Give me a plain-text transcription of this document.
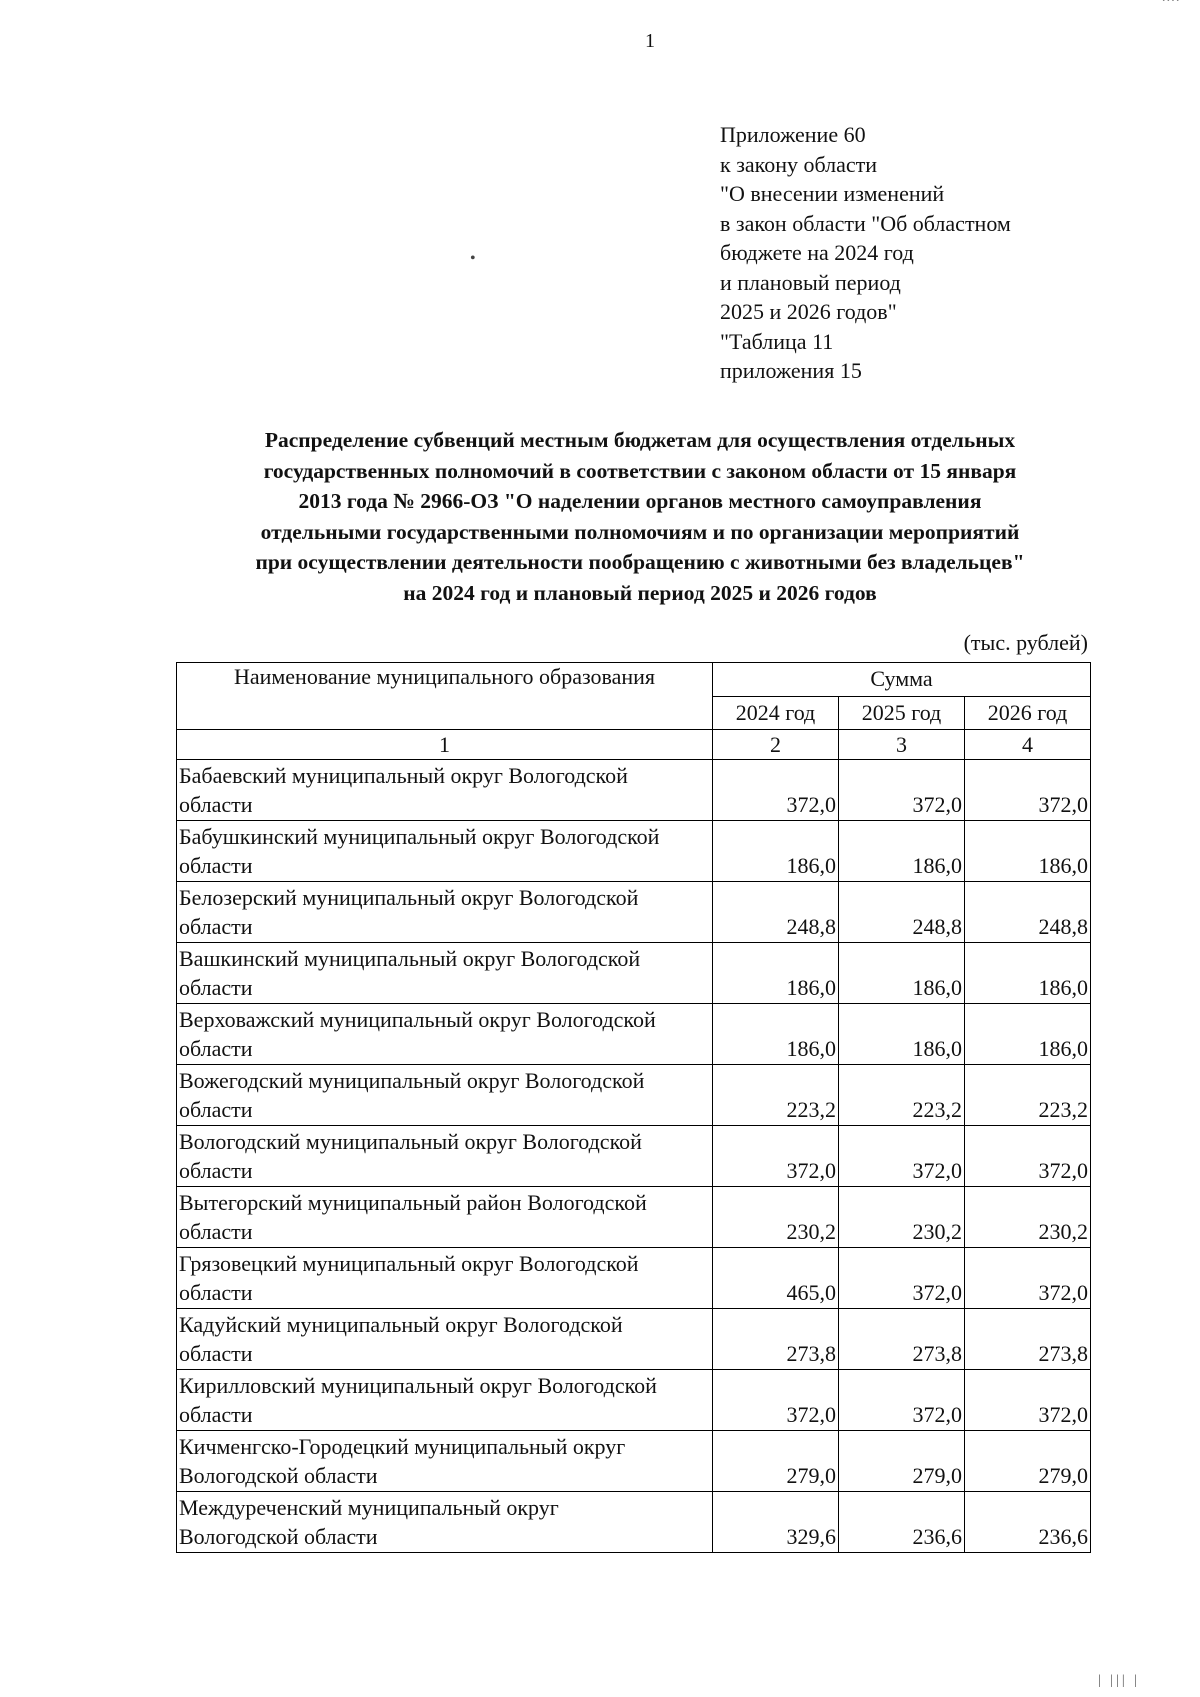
····
1
•
Приложение 60
к закону области
"О внесении изменений
в закон области "Об областном
бюджете на 2024 год
и плановый период
2025 и 2026 годов"
"Таблица 11
приложения 15
Распределение субвенций местным бюджетам для осуществления отдельных
государственных полномочий в соответствии с законом области от 15 января
2013 года № 2966-ОЗ "О наделении органов местного самоуправления
отдельными государственными полномочиям и по организации мероприятий
при осуществлении деятельности пообращению с животными без владельцев"
на 2024 год и плановый период 2025 и 2026 годов
(тыс. рублей)
Наименование муниципального образования	Сумма		
	2024 год	2025 год	2026 год
1	2	3	4

Бабаевский муниципальный округ Вологодской
области	372,0	372,0	372,0

Бабушкинский муниципальный округ Вологодской
области	186,0	186,0	186,0

Белозерский муниципальный округ Вологодской
области	248,8	248,8	248,8

Вашкинский муниципальный округ Вологодской
области	186,0	186,0	186,0

Верховажский муниципальный округ Вологодской
области	186,0	186,0	186,0

Вожегодский муниципальный округ Вологодской
области	223,2	223,2	223,2

Вологодский муниципальный округ Вологодской
области	372,0	372,0	372,0

Вытегорский муниципальный район Вологодской
области	230,2	230,2	230,2

Грязовецкий муниципальный округ Вологодской
области	465,0	372,0	372,0

Кадуйский муниципальный округ Вологодской
области	273,8	273,8	273,8

Кирилловский муниципальный округ Вологодской
области	372,0	372,0	372,0

Кичменгско-Городецкий муниципальный округ
Вологодской области	279,0	279,0	279,0

Междуреченский муниципальный округ
Вологодской области	329,6	236,6	236,6
| ||| |
